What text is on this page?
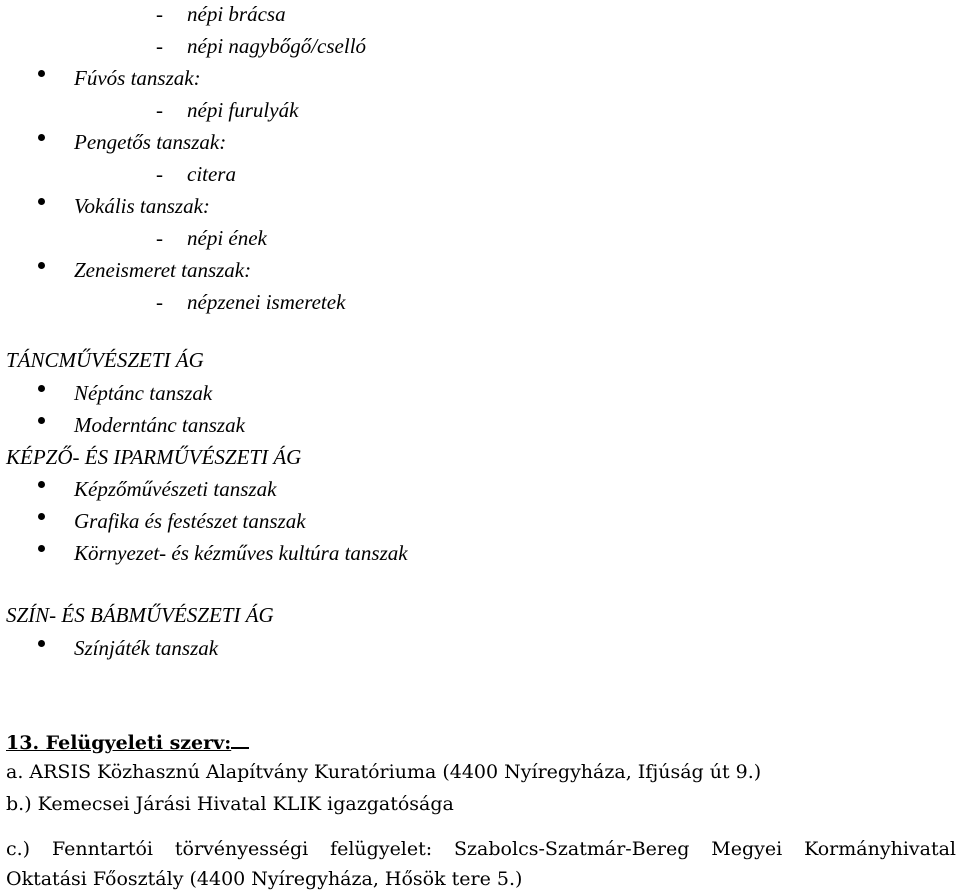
- népi brácsa
- népi nagybőgő/cselló
Fúvós tanszak:
- népi furulyák
Pengetős tanszak:
- citera
Vokális tanszak:
- népi ének
Zeneismeret tanszak:
- népzenei ismeretek
TÁNCMŰVÉSZETI ÁG
Néptánc tanszak
Moderntánc tanszak
KÉPZŐ- ÉS IPARMŰVÉSZETI ÁG
Képzőművészeti tanszak
Grafika és festészet tanszak
Környezet- és kézműves kultúra tanszak
SZÍN- ÉS BÁBMŰVÉSZETI ÁG
Színjáték tanszak
13. Felügyeleti szerv:
a. ARSIS Közhasznú Alapítvány Kuratóriuma (4400 Nyíregyháza, Ifjúság út 9.)
b.) Kemecsei Járási Hivatal KLIK igazgatósága
c.) Fenntartói törvényességi felügyelet: Szabolcs-Szatmár-Bereg Megyei Kormányhivatal
Oktatási Főosztály (4400 Nyíregyháza, Hősök tere 5.)
